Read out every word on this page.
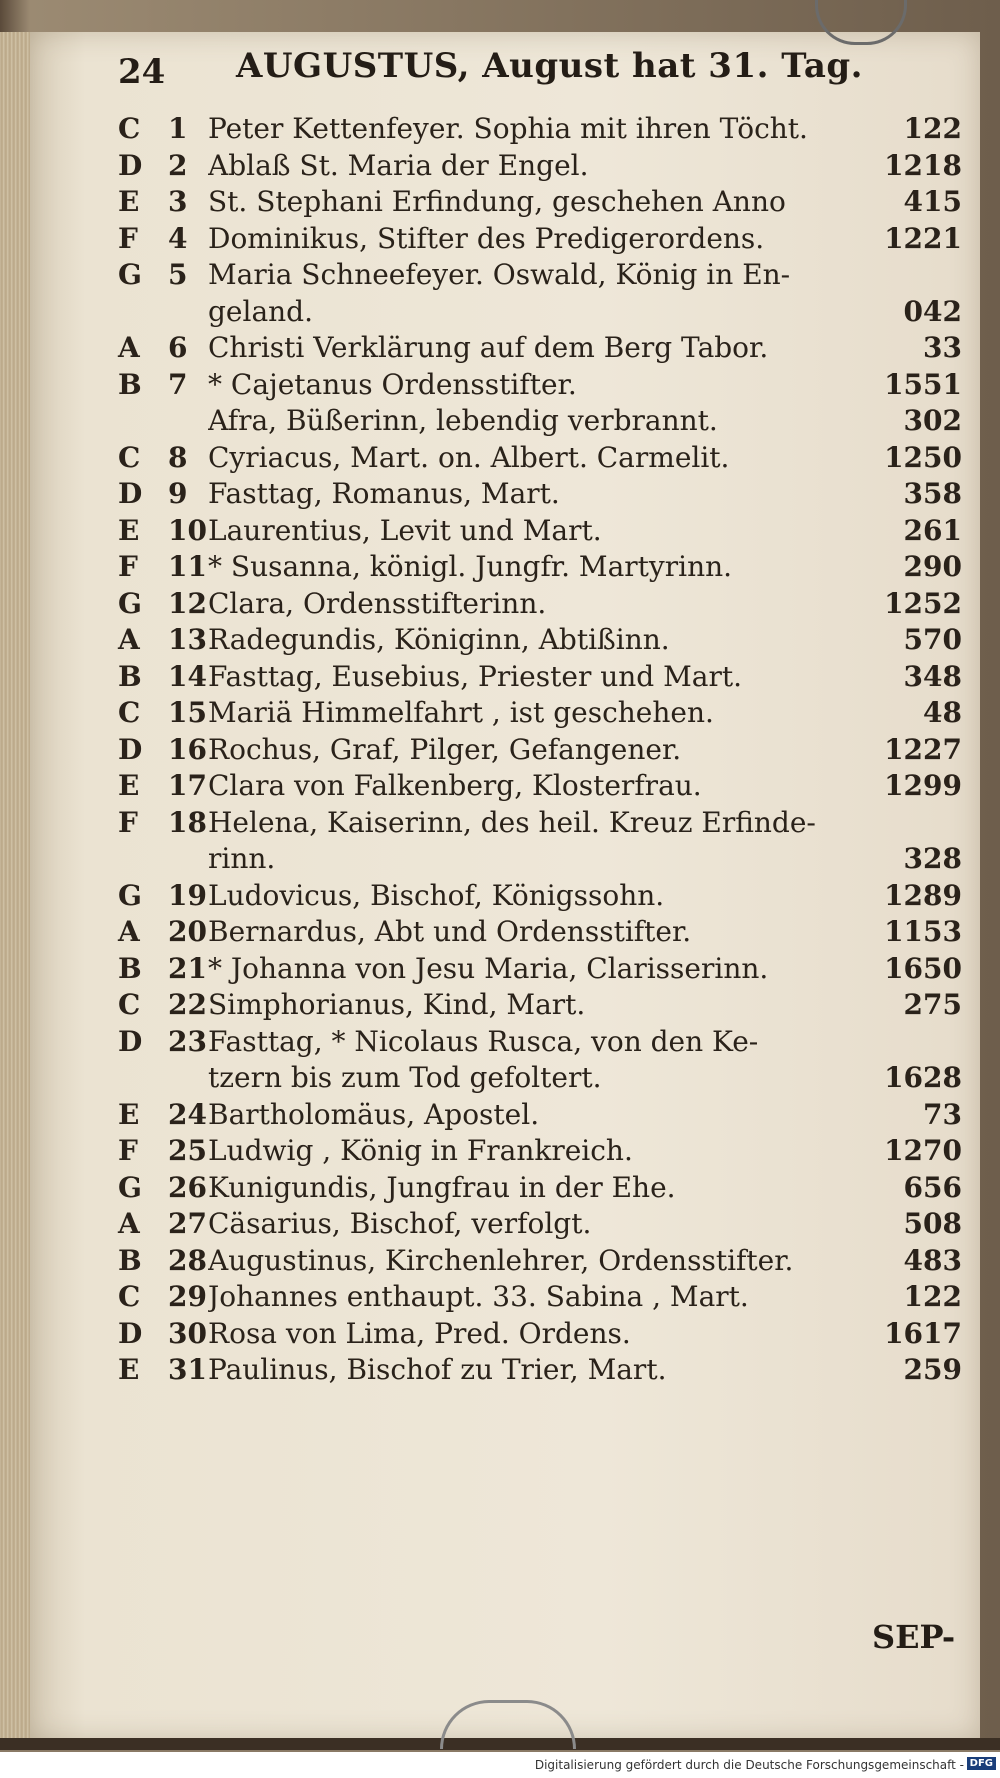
24 AUGUSTUS, August hat 31. Tag.
C 1 Peter Kettenfeyer. Sophia mit ihren Töcht.	122
D 2 Ablaß St. Maria der Engel.	1218
E	3 St. Stephani Erfindung, geschehen Anno	415
F	4 Dominikus, Stifter des Predigerordens.	1221
G 5 Maria Schneefeyer. Oswald, König in En-
geland.	042
A	6 Christi Verklärung auf dem Berg Tabor.	33
B 7 * Cajetanus Ordensstifter.	1551
Afra, Büßerinn, lebendig verbrannt.	302
C 8 Cyriacus, Mart. on. Albert. Carmelit.	1250
D 9 Fasttag, Romanus, Mart.	358
E	10 Laurentius, Levit und Mart.	261
F	11 * Susanna, königl. Jungfr. Martyrinn.	290
G 12 Clara, Ordensstifterinn.	1252
A	13 Radegundis, Königinn, Abtißinn.	570
B 14 Fasttag, Eusebius, Priester und Mart.	348
C 15 Mariä Himmelfahrt , ist geschehen.	48
D 16 Rochus, Graf, Pilger, Gefangener.	1227
E	17 Clara von Falkenberg, Klosterfrau.	1299
F	18 Helena, Kaiserinn, des heil. Kreuz Erfinde-
rinn.	328
G 19 Ludovicus, Bischof, Königssohn.	1289
A	20 Bernardus, Abt und Ordensstifter.	1153
B 21 * Johanna von Jesu Maria, Clarisserinn.	1650
C 22 Simphorianus, Kind, Mart.	275
D 23 Fasttag, * Nicolaus Rusca, von den Ke-
tzern bis zum Tod gefoltert.	1628
E	24 Bartholomäus, Apostel.	73
F	25 Ludwig , König in Frankreich.	1270
G 26 Kunigundis, Jungfrau in der Ehe.	656
A	27 Cäsarius, Bischof, verfolgt.	508
B 28 Augustinus, Kirchenlehrer, Ordensstifter.	483
C 29 Johannes enthaupt. 33. Sabina , Mart.	122
D 30 Rosa von Lima, Pred. Ordens.	1617
E	31 Paulinus, Bischof zu Trier, Mart.	259
SEP-
Digitalisierung gefördert durch die Deutsche Forschungsgemeinschaft - DFG
